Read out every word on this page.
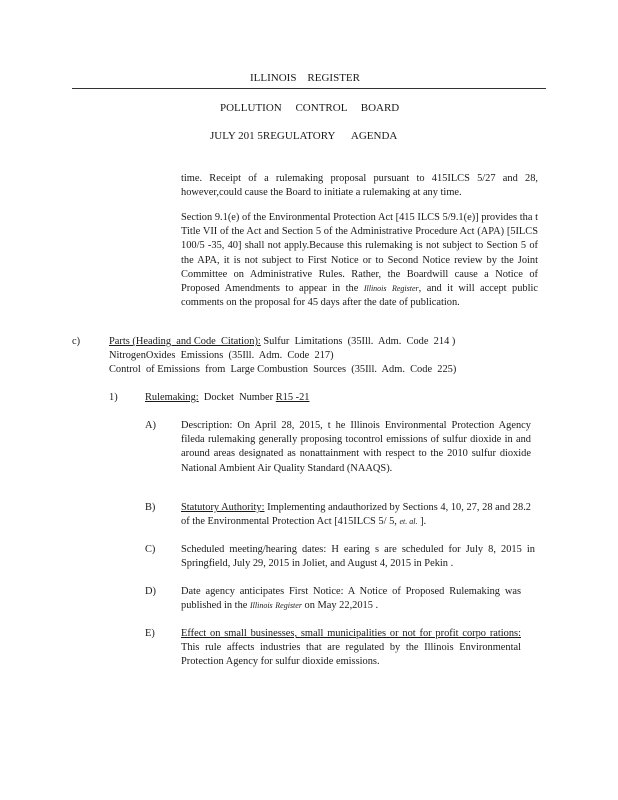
ILLINOIS    REGISTER
POLLUTION     CONTROL     BOARD
JULY 201 5REGULATORY      AGENDA
time. Receipt of a rulemaking proposal pursuant to 415ILCS 5/27 and 28, however,could cause the Board to initiate a rulemaking at any time.
Section 9.1(e) of the Environmental Protection Act [415 ILCS 5/9.1(e)] provides tha t Title VII of the Act and Section 5 of the Administrative Procedure Act (APA) [5ILCS 100/5 -35, 40] shall not apply.Because this rulemaking is not subject to Section 5 of the APA, it is not subject to First Notice or to Second Notice review by the Joint Committee on Administrative Rules. Rather, the Boardwill cause a Notice of Proposed Amendments to appear in the Illinois Register, and it will accept public comments on the proposal for 45 days after the date of publication.
c)	Parts (Heading  and Code  Citation): Sulfur  Limitations  (35Ill.  Adm.  Code  214 )
NitrogenOxides  Emissions  (35Ill.  Adm.  Code  217)
Control  of Emissions  from  Large Combustion  Sources  (35Ill.  Adm.  Code  225)
1)	Rulemaking:  Docket  Number R15 -21
A) Description: On April 28, 2015, t he Illinois Environmental Protection Agency fileda rulemaking generally proposing tocontrol emissions of sulfur dioxide in and around areas designated as nonattainment with respect to the 2010 sulfur dioxide National Ambient Air Quality Standard (NAAQS).
B) Statutory Authority: Implementing andauthorized by Sections 4, 10, 27, 28 and 28.2 of the Environmental Protection Act [415ILCS 5/ 5, et. al. ].
C) Scheduled meeting/hearing dates: H earing s are scheduled for July 8, 2015 in Springfield, July 29, 2015 in Joliet, and August 4, 2015 in Pekin .
D) Date agency anticipates First Notice: A Notice of Proposed Rulemaking was published in the Illinois Register on May 22,2015 .
E)	Effect on small businesses, small municipalities or not for profit corpo rations: This rule affects industries that are regulated by the Illinois Environmental Protection Agency for sulfur dioxide emissions.
